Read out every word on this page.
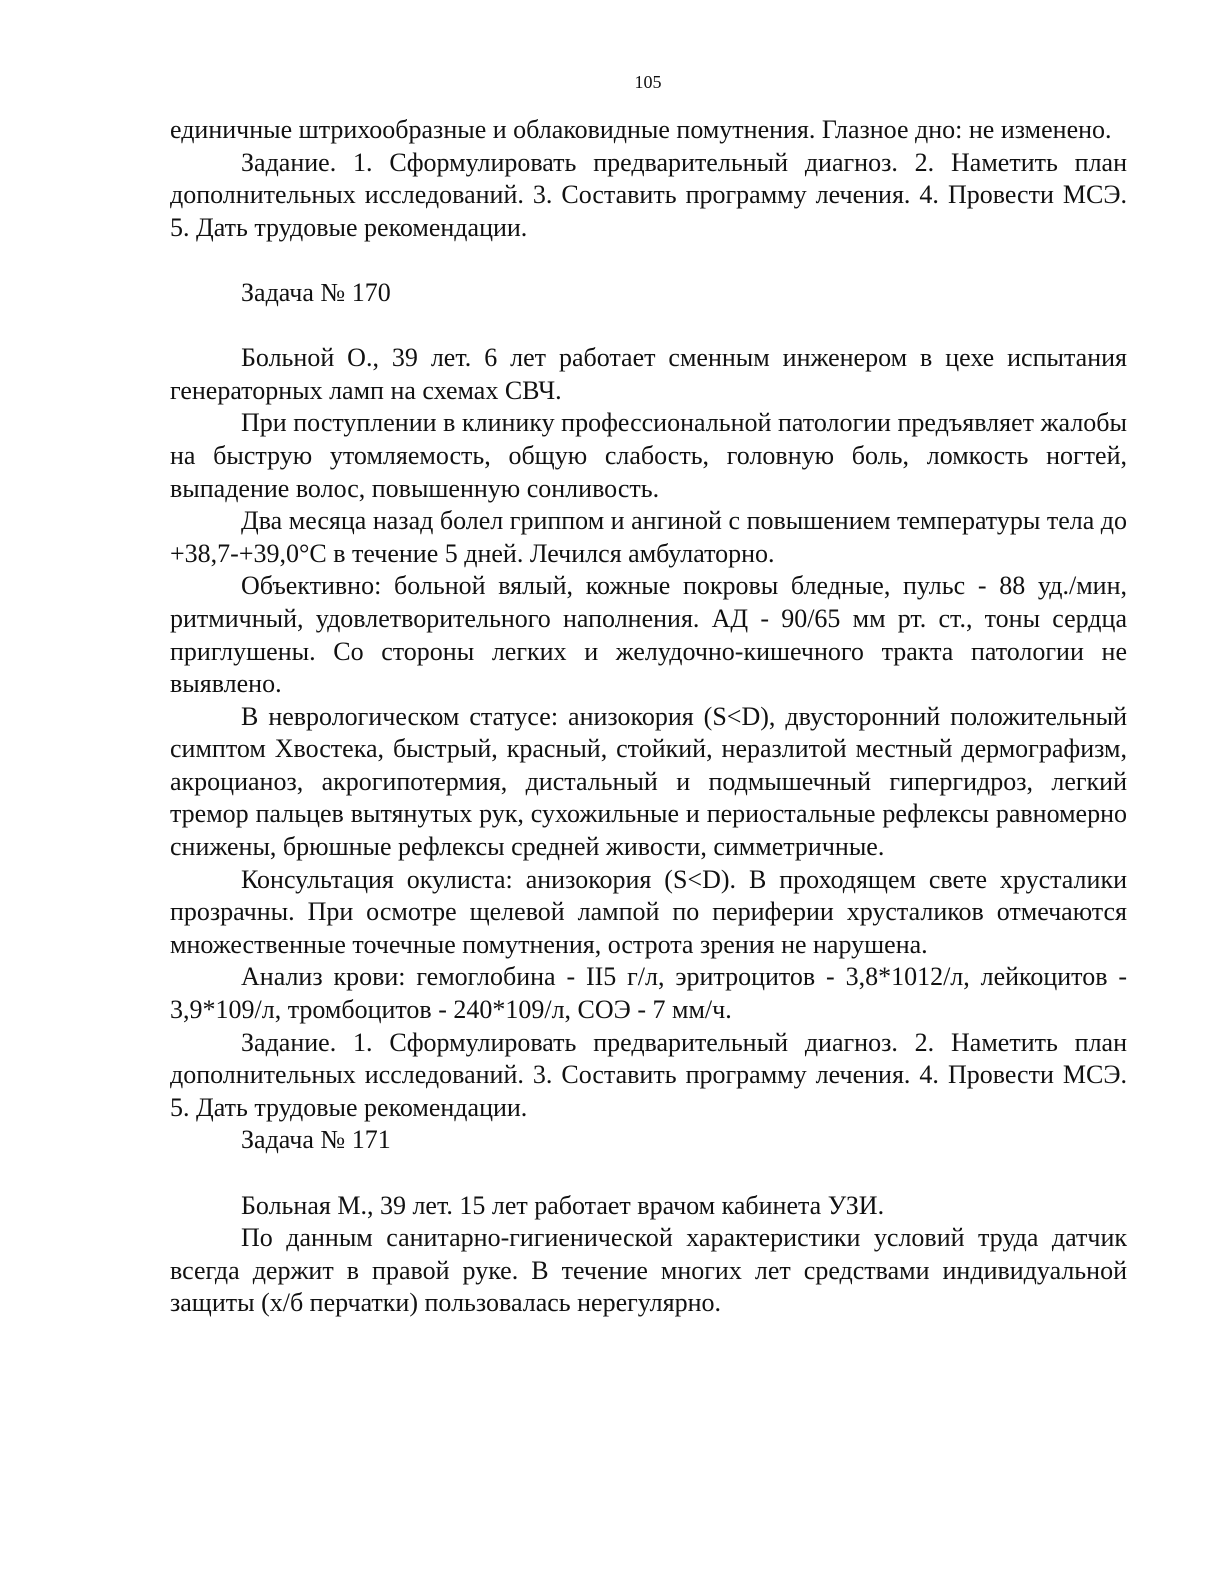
105

единичные штрихообразные и облаковидные помутнения. Глазное дно: не изменено.

Задание. 1. Сформулировать предварительный диагноз. 2. Наметить план дополнительных исследований. 3. Составить программу лечения. 4. Провести МСЭ. 5. Дать трудовые рекомендации.

Задача № 170

Больной О., 39 лет. 6 лет работает сменным инженером в цехе испытания генераторных ламп на схемах СВЧ.

При поступлении в клинику профессиональной патологии предъявляет жалобы на быструю утомляемость, общую слабость, головную боль, ломкость ногтей, выпадение волос, повышенную сонливость.

Два месяца назад болел гриппом и ангиной с повышением температуры тела до +38,7-+39,0°С в течение 5 дней. Лечился амбулаторно.

Объективно: больной вялый, кожные покровы бледные, пульс - 88 уд./мин, ритмичный, удовлетворительного наполнения. АД - 90/65 мм рт. ст., тоны сердца приглушены. Со стороны легких и желудочно-кишечного тракта патологии не выявлено.

В неврологическом статусе: анизокория (S<D), двусторонний положительный симптом Хвостека, быстрый, красный, стойкий, неразлитой местный дермографизм, акроцианоз, акрогипотермия, дистальный и подмышечный гипергидроз, легкий тремор пальцев вытянутых рук, сухожильные и периостальные рефлексы равномерно снижены, брюшные рефлексы средней живости, симметричные.

Консультация окулиста: анизокория (S<D). В проходящем свете хрусталики прозрачны. При осмотре щелевой лампой по периферии хрусталиков отмечаются множественные точечные помутнения, острота зрения не нарушена.

Анализ крови: гемоглобина - II5 г/л, эритроцитов - 3,8*1012/л, лейкоцитов - 3,9*109/л, тромбоцитов - 240*109/л, СОЭ - 7 мм/ч.

Задание. 1. Сформулировать предварительный диагноз. 2. Наметить план дополнительных исследований. 3. Составить программу лечения. 4. Провести МСЭ. 5. Дать трудовые рекомендации.

Задача № 171

Больная М., 39 лет. 15 лет работает врачом кабинета УЗИ.

По данным санитарно-гигиенической характеристики условий труда датчик всегда держит в правой руке. В течение многих лет средствами индивидуальной защиты (х/б перчатки) пользовалась нерегулярно.
